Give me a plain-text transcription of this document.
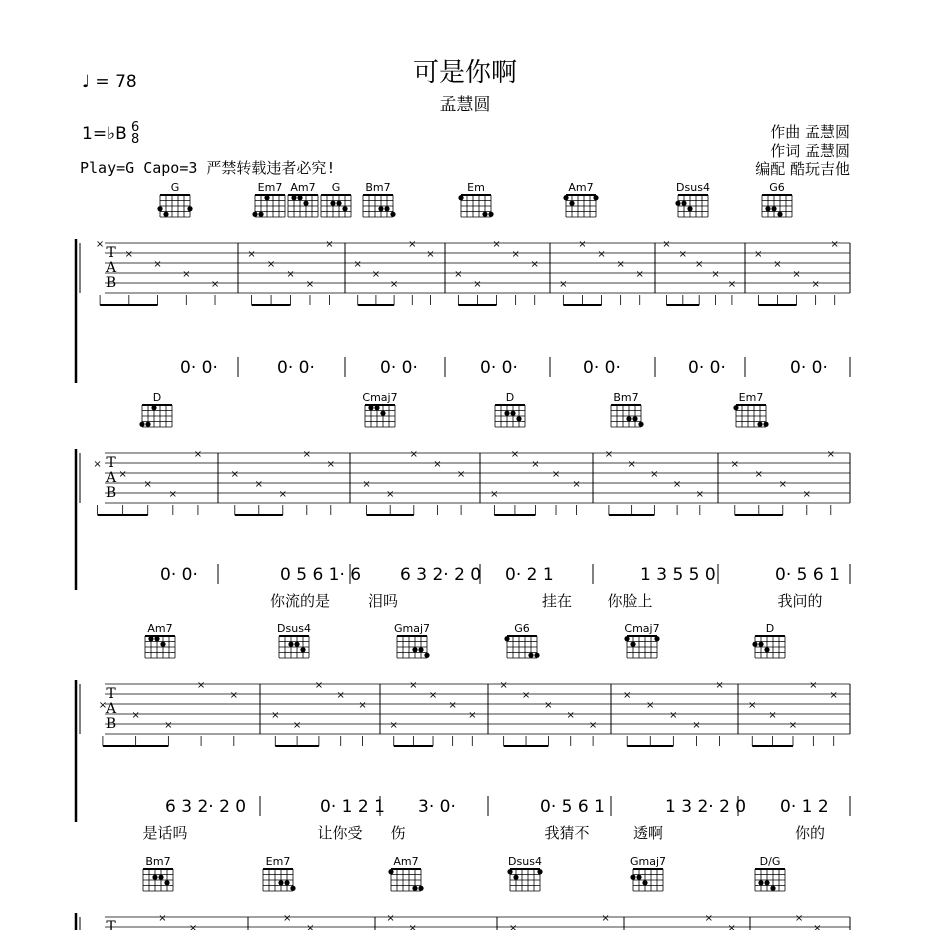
可是你啊
孟慧圆
♩ = 78
1=♭B 6
8
Play=G Capo=3 严禁转载违者必究!
作曲 孟慧圆
作词 孟慧圆
编配 酷玩吉他
T
A
B
×
×
×
×
×
×
×
×
×
×
×
×
×
×
×
×
×
×
×
×
×
×
×
×
×
×
×
×
×
×
×
×
×
×
×
G	Em7 Am7 G Bm7	Em	Am7	Dsus4	G6
0· 0·	0· 0·	0· 0·	0· 0·	0· 0·	0· 0·	0· 0·
T
A
B
×
×
×
×
×
×
×
×
×
×
×
×
×
×
×
×
×
×
×
×
×
×
×
×
×
×
×
×
×
×
D	Cmaj7	D	Bm7	Em7
0· 0·	0 5 6 1· 6 6 3 2· 2 0 0· 2 1	1 3 5 5 0	0· 5 6 1
你流的是	泪吗	挂在 你脸上	我问的
T
A
B
×
×
×
×
×
×
×
×
×
×
×
×
×
×
×
×
×
×
×
×
×
×
×
×
×
×
×
×
×
×
Am7	Dsus4	Gmaj7	G6	Cmaj7	D
6 3 2· 2 0	0· 1 2 1 3· 0·	0· 5 6 1	1 3 2· 2 0 0· 1 2
是话吗	让你受 伤	我猜不	透啊	你的
T
×
×
×
×
×
×	×
×	×
×
×
×
Bm7	Em7	Am7	Dsus4	Gmaj7	D/G
